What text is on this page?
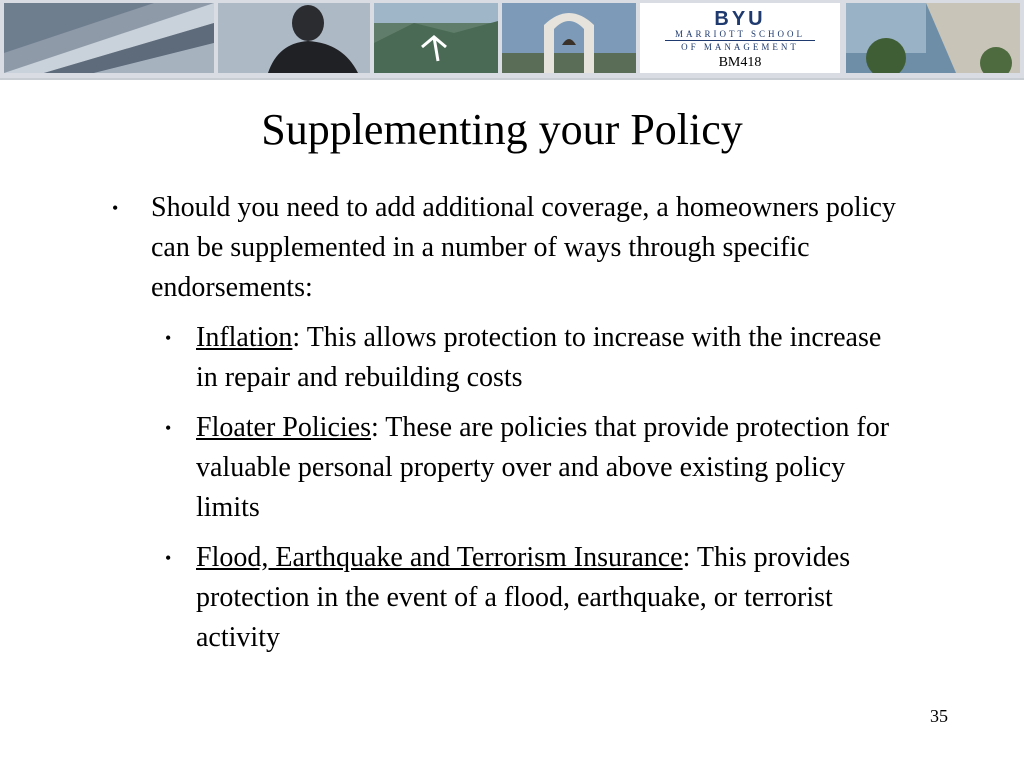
BYU
MARRIOTT SCHOOL
OF MANAGEMENT
BM418
Supplementing your Policy
• Should you need to add additional coverage, a homeowners policy can be supplemented in a number of ways through specific endorsements:
• Inflation: This allows protection to increase with the increase in repair and rebuilding costs
• Floater Policies: These are policies that provide protection for valuable personal property over and above existing policy limits
• Flood, Earthquake and Terrorism Insurance: This provides protection in the event of a flood, earthquake, or terrorist activity
35
